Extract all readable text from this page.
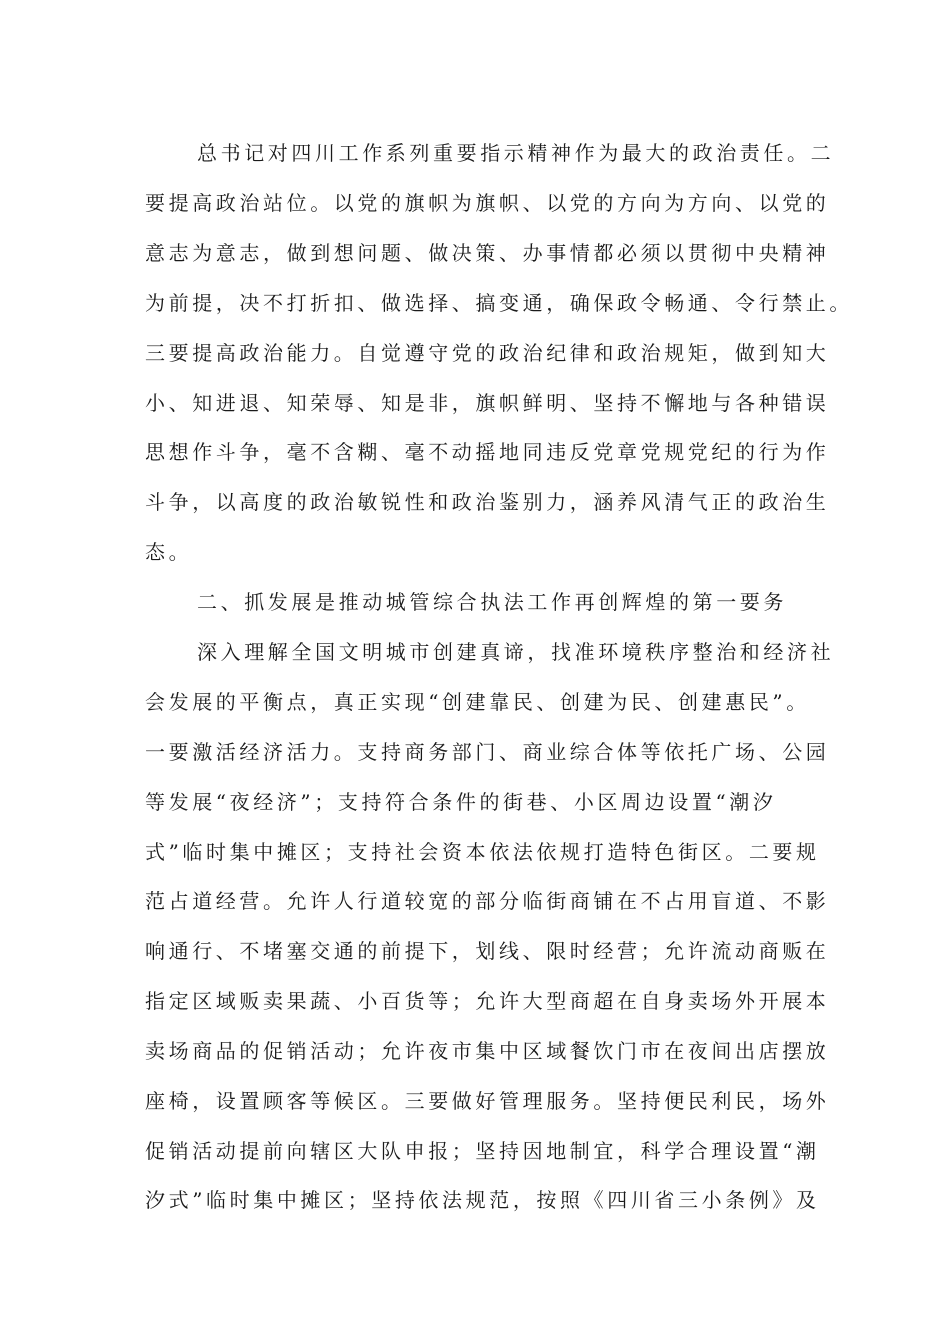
总书记对四川工作系列重要指示精神作为最大的政治责任。二
要提高政治站位。以党的旗帜为旗帜、以党的方向为方向、以党的
意志为意志，做到想问题、做决策、办事情都必须以贯彻中央精神
为前提，决不打折扣、做选择、搞变通，确保政令畅通、令行禁止。
三要提高政治能力。自觉遵守党的政治纪律和政治规矩，做到知大
小、知进退、知荣辱、知是非，旗帜鲜明、坚持不懈地与各种错误
思想作斗争，毫不含糊、毫不动摇地同违反党章党规党纪的行为作
斗争，以高度的政治敏锐性和政治鉴别力，涵养风清气正的政治生
态。
二、抓发展是推动城管综合执法工作再创辉煌的第一要务
深入理解全国文明城市创建真谛，找准环境秩序整治和经济社
会发展的平衡点，真正实现“创建靠民、创建为民、创建惠民”。
一要激活经济活力。支持商务部门、商业综合体等依托广场、公园
等发展“夜经济”；支持符合条件的街巷、小区周边设置“潮汐
式”临时集中摊区；支持社会资本依法依规打造特色街区。二要规
范占道经营。允许人行道较宽的部分临街商铺在不占用盲道、不影
响通行、不堵塞交通的前提下，划线、限时经营；允许流动商贩在
指定区域贩卖果蔬、小百货等；允许大型商超在自身卖场外开展本
卖场商品的促销活动；允许夜市集中区域餐饮门市在夜间出店摆放
座椅，设置顾客等候区。三要做好管理服务。坚持便民利民，场外
促销活动提前向辖区大队申报；坚持因地制宜，科学合理设置“潮
汐式”临时集中摊区；坚持依法规范，按照《四川省三小条例》及
